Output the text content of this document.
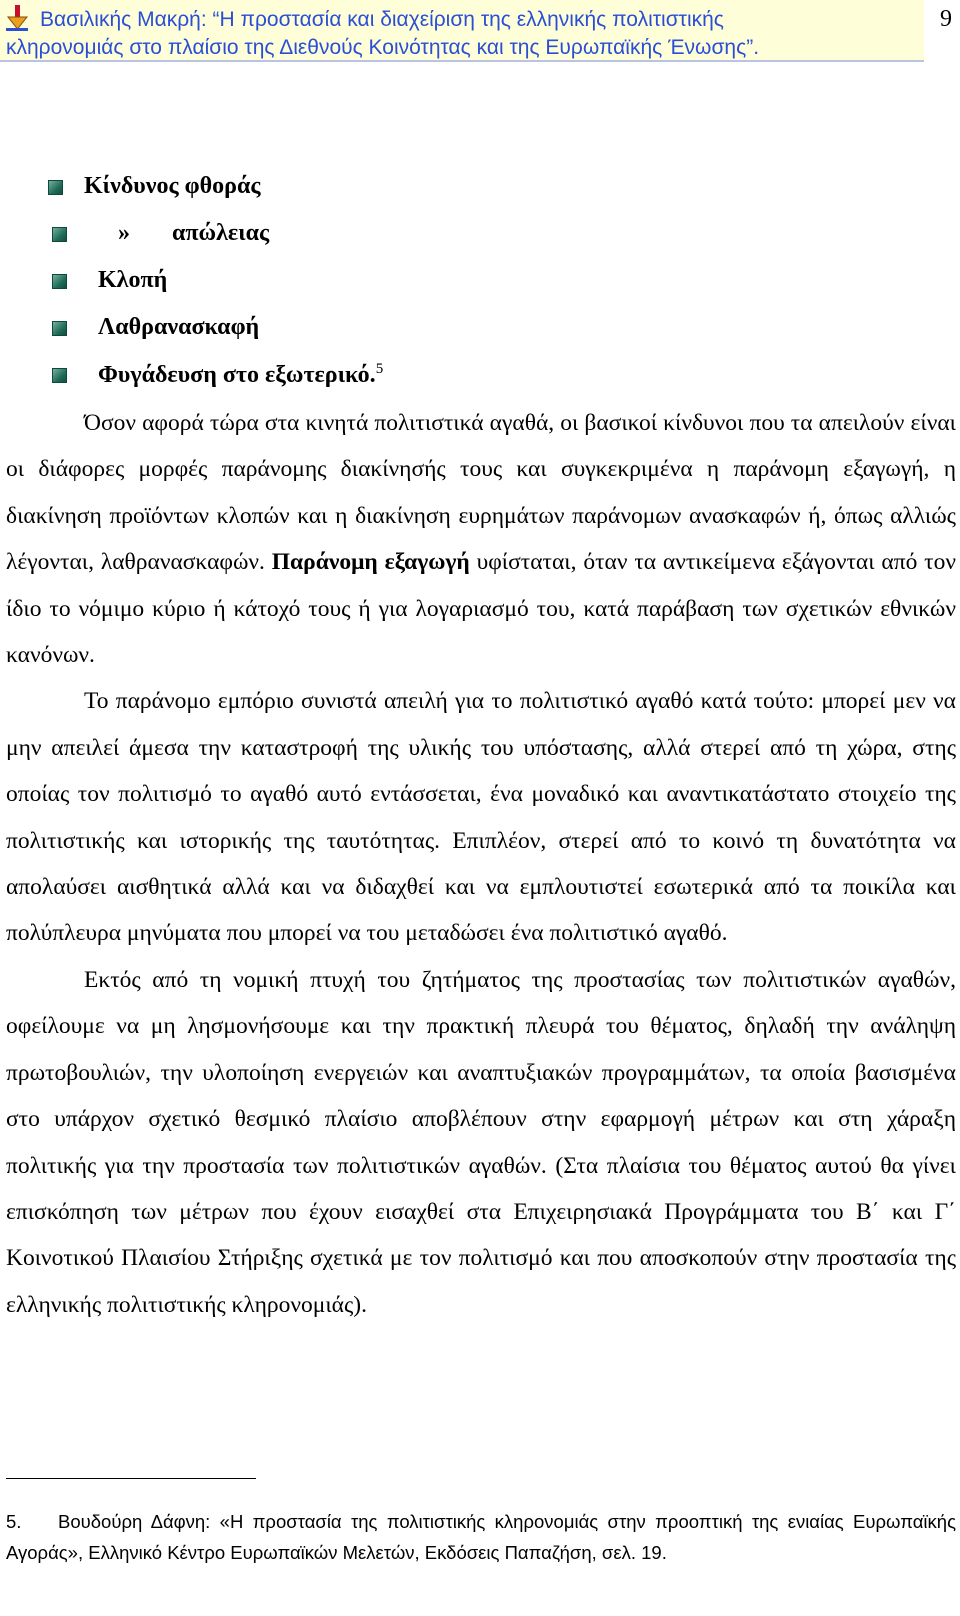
Βασιλικής Μακρή: “Η προστασία και διαχείριση της ελληνικής πολιτιστικής
κληρονομιάς στο πλαίσιο της Διεθνούς Κοινότητας και της Ευρωπαϊκής Ένωσης”.
9
Κίνδυνος φθοράς
»       απώλειας
Κλοπή
Λαθρανασκαφή
Φυγάδευση στο εξωτερικό.$^5$

Όσον αφορά τώρα στα κινητά πολιτιστικά αγαθά, οι βασικοί κίνδυνοι που τα απειλούν είναι οι διάφορες μορφές παράνομης διακίνησής τους και συγκεκριμένα η παράνομη εξαγωγή, η διακίνηση προϊόντων κλοπών και η διακίνηση ευρημάτων παράνομων ανασκαφών ή, όπως αλλιώς λέγονται, λαθρανασκαφών. Παράνομη εξαγωγή υφίσταται, όταν τα αντικείμενα εξάγονται από τον ίδιο το νόμιμο κύριο ή κάτοχό τους ή για λογαριασμό του, κατά παράβαση των σχετικών εθνικών κανόνων.

Το παράνομο εμπόριο συνιστά απειλή για το πολιτιστικό αγαθό κατά τούτο: μπορεί μεν να μην απειλεί άμεσα την καταστροφή της υλικής του υπόστασης, αλλά στερεί από τη χώρα, στης οποίας τον πολιτισμό το αγαθό αυτό εντάσσεται, ένα μοναδικό και αναντικατάστατο στοιχείο της πολιτιστικής και ιστορικής της ταυτότητας. Επιπλέον, στερεί από το κοινό τη δυνατότητα να απολαύσει αισθητικά αλλά και να διδαχθεί και να εμπλουτιστεί εσωτερικά από τα ποικίλα και πολύπλευρα μηνύματα που μπορεί να του μεταδώσει ένα πολιτιστικό αγαθό.

Εκτός από τη νομική πτυχή του ζητήματος της προστασίας των πολιτιστικών αγαθών, οφείλουμε να μη λησμονήσουμε και την πρακτική πλευρά του θέματος, δηλαδή την ανάληψη πρωτοβουλιών, την υλοποίηση ενεργειών και αναπτυξιακών προγραμμάτων, τα οποία βασισμένα στο υπάρχον σχετικό θεσμικό πλαίσιο αποβλέπουν στην εφαρμογή μέτρων και στη χάραξη πολιτικής για την προστασία των πολιτιστικών αγαθών. (Στα πλαίσια του θέματος αυτού θα γίνει επισκόπηση των μέτρων που έχουν εισαχθεί στα Επιχειρησιακά Προγράμματα του Β΄ και Γ΄ Κοινοτικού Πλαισίου Στήριξης σχετικά με τον πολιτισμό και που αποσκοπούν στην προστασία της ελληνικής πολιτιστικής κληρονομιάς).

5. Βουδούρη Δάφνη: «Η προστασία της πολιτιστικής κληρονομιάς στην προοπτική της ενιαίας Ευρωπαϊκής Αγοράς», Ελληνικό Κέντρο Ευρωπαϊκών Μελετών, Εκδόσεις Παπαζήση, σελ. 19.
